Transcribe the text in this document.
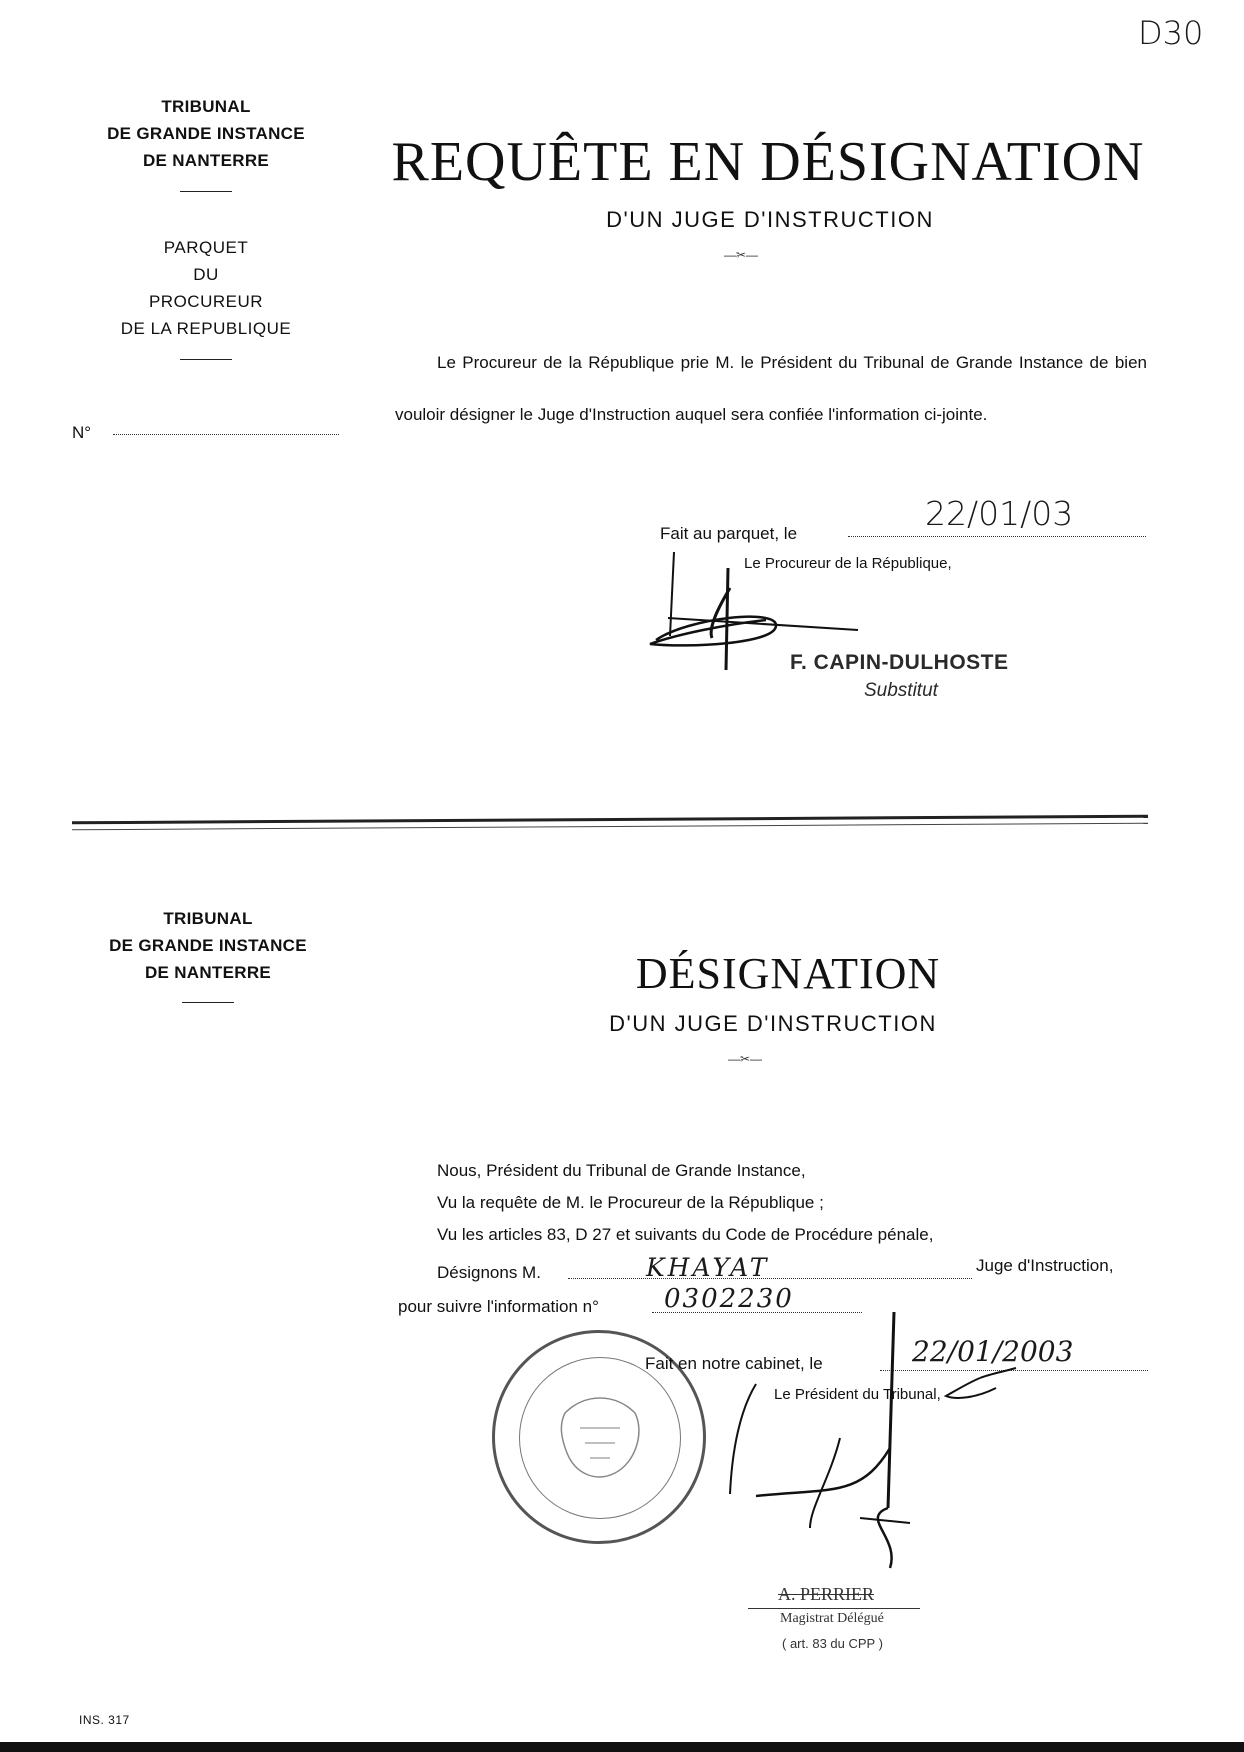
D30
TRIBUNAL
DE GRANDE INSTANCE
DE NANTERRE
PARQUET
DU
PROCUREUR
DE LA REPUBLIQUE
N°
REQUÊTE EN DÉSIGNATION
D'UN JUGE D'INSTRUCTION
—✂—
Le Procureur de la République prie M. le Président du Tribunal de Grande Instance de bien vouloir désigner le Juge d'Instruction auquel sera confiée l'information ci-jointe.
Fait au parquet, le
22/01/03
Le Procureur de la République,
F. CAPIN-DULHOSTE
Substitut
TRIBUNAL
DE GRANDE INSTANCE
DE NANTERRE	DÉSIGNATION
D'UN JUGE D'INSTRUCTION
—✂—
Nous, Président du Tribunal de Grande Instance,
Vu la requête de M. le Procureur de la République ;
Vu les articles 83, D 27 et suivants du Code de Procédure pénale,
Désignons M.	KHAYAT	Juge d'Instruction,
pour suivre l'information n°	0302230
Fait en notre cabinet, le	22/01/2003
Le Président du Tribunal,
A. PERRIER
Magistrat Délégué
( art. 83 du CPP )
INS. 317
